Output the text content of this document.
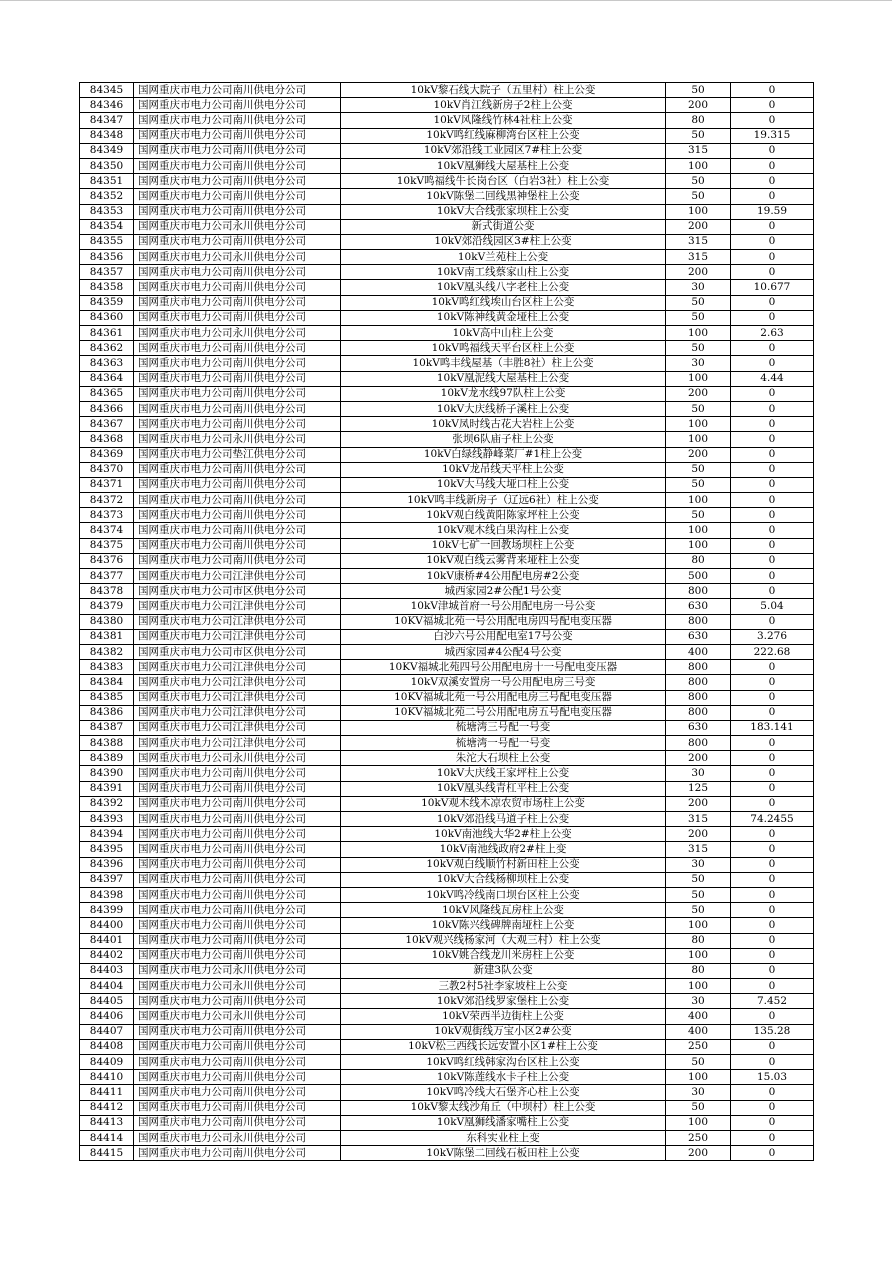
84345	国网重庆市电力公司南川供电分公司	10kV黎石线大院子（五里村）柱上公变	50	0
84346	国网重庆市电力公司南川供电分公司	10kV肖江线新房子2柱上公变	200	0
84347	国网重庆市电力公司南川供电分公司	10kV风隆线竹林4社柱上公变	80	0
84348	国网重庆市电力公司南川供电分公司	10kV鸣红线麻柳湾台区柱上公变	50	19.315
84349	国网重庆市电力公司南川供电分公司	10kV郊沿线工业园区7#柱上公变	315	0
84350	国网重庆市电力公司南川供电分公司	10kV凰狮线大屋基柱上公变	100	0
84351	国网重庆市电力公司南川供电分公司	10kV鸣福线牛长岗台区（白岩3社）柱上公变	50	0
84352	国网重庆市电力公司南川供电分公司	10kV陈堡二回线黑神堡柱上公变	50	0
84353	国网重庆市电力公司南川供电分公司	10kV大合线张家坝柱上公变	100	19.59
84354	国网重庆市电力公司永川供电分公司	新式街道公变	200	0
84355	国网重庆市电力公司南川供电分公司	10kV郊沿线园区3#柱上公变	315	0
84356	国网重庆市电力公司永川供电分公司	10kV兰苑柱上公变	315	0
84357	国网重庆市电力公司南川供电分公司	10kV南工线蔡家山柱上公变	200	0
84358	国网重庆市电力公司南川供电分公司	10kV凰头线八字老柱上公变	30	10.677
84359	国网重庆市电力公司南川供电分公司	10kV鸣红线埃山台区柱上公变	50	0
84360	国网重庆市电力公司南川供电分公司	10kV陈神线黄金垭柱上公变	50	0
84361	国网重庆市电力公司永川供电分公司	10kV高中山柱上公变	100	2.63
84362	国网重庆市电力公司南川供电分公司	10kV鸣福线天平台区柱上公变	50	0
84363	国网重庆市电力公司南川供电分公司	10kV鸣丰线屋基（丰胜8社）柱上公变	30	0
84364	国网重庆市电力公司南川供电分公司	10kV凰泥线大屋基柱上公变	100	4.44
84365	国网重庆市电力公司南川供电分公司	10kV龙水线97队柱上公变	200	0
84366	国网重庆市电力公司南川供电分公司	10kV大庆线桥子溪柱上公变	50	0
84367	国网重庆市电力公司南川供电分公司	10kV凤时线古花大岩柱上公变	100	0
84368	国网重庆市电力公司永川供电分公司	张坝6队庙子柱上公变	100	0
84369	国网重庆市电力公司垫江供电分公司	10kV白绿线静峰菜厂#1柱上公变	200	0
84370	国网重庆市电力公司南川供电分公司	10kV龙吊线天平柱上公变	50	0
84371	国网重庆市电力公司南川供电分公司	10kV大马线大垭口柱上公变	50	0
84372	国网重庆市电力公司南川供电分公司	10kV鸣丰线新房子（辽远6社）柱上公变	100	0
84373	国网重庆市电力公司南川供电分公司	10kV观白线黄阳陈家坪柱上公变	50	0
84374	国网重庆市电力公司南川供电分公司	10kV观木线白果沟柱上公变	100	0
84375	国网重庆市电力公司南川供电分公司	10kV七矿一回教场坝柱上公变	100	0
84376	国网重庆市电力公司南川供电分公司	10kV观白线云雾背来垭柱上公变	80	0
84377	国网重庆市电力公司江津供电分公司	10kV康桥#4公用配电房#2公变	500	0
84378	国网重庆市电力公司市区供电分公司	城西家园2#公配1号公变	800	0
84379	国网重庆市电力公司江津供电分公司	10kV津城首府一号公用配电房一号公变	630	5.04
84380	国网重庆市电力公司江津供电分公司	10KV福城北苑一号公用配电房四号配电变压器	800	0
84381	国网重庆市电力公司江津供电分公司	白沙六号公用配电室17号公变	630	3.276
84382	国网重庆市电力公司市区供电分公司	城西家园#4公配4号公变	400	222.68
84383	国网重庆市电力公司江津供电分公司	10KV福城北苑四号公用配电房十一号配电变压器	800	0
84384	国网重庆市电力公司江津供电分公司	10kV双溪安置房一号公用配电房三号变	800	0
84385	国网重庆市电力公司江津供电分公司	10KV福城北苑一号公用配电房三号配电变压器	800	0
84386	国网重庆市电力公司江津供电分公司	10KV福城北苑二号公用配电房五号配电变压器	800	0
84387	国网重庆市电力公司江津供电分公司	梳塘湾三号配一号变	630	183.141
84388	国网重庆市电力公司江津供电分公司	梳塘湾一号配一号变	800	0
84389	国网重庆市电力公司永川供电分公司	朱沱大石坝柱上公变	200	0
84390	国网重庆市电力公司南川供电分公司	10kV大庆线王家坪柱上公变	30	0
84391	国网重庆市电力公司南川供电分公司	10kV凰头线青杠平柱上公变	125	0
84392	国网重庆市电力公司南川供电分公司	10kV观木线木凉农贸市场柱上公变	200	0
84393	国网重庆市电力公司南川供电分公司	10kV郊沿线马道子柱上公变	315	74.2455
84394	国网重庆市电力公司南川供电分公司	10kV南池线大华2#柱上公变	200	0
84395	国网重庆市电力公司南川供电分公司	10kV南池线政府2#柱上变	315	0
84396	国网重庆市电力公司南川供电分公司	10kV观白线顺竹村新田柱上公变	30	0
84397	国网重庆市电力公司南川供电分公司	10kV大合线杨柳坝柱上公变	50	0
84398	国网重庆市电力公司南川供电分公司	10kV鸣冷线南口坝台区柱上公变	50	0
84399	国网重庆市电力公司南川供电分公司	10kV风隆线瓦房柱上公变	50	0
84400	国网重庆市电力公司南川供电分公司	10kV陈兴线碑牌南垭柱上公变	100	0
84401	国网重庆市电力公司南川供电分公司	10kV观兴线杨家河（大观三村）柱上公变	80	0
84402	国网重庆市电力公司南川供电分公司	10kV姚合线龙川米房柱上公变	100	0
84403	国网重庆市电力公司永川供电分公司	新建3队公变	80	0
84404	国网重庆市电力公司永川供电分公司	三教2村5社李家坡柱上公变	100	0
84405	国网重庆市电力公司南川供电分公司	10kV郊沿线罗家堡柱上公变	30	7.452
84406	国网重庆市电力公司永川供电分公司	10kV荣西半边街柱上公变	400	0
84407	国网重庆市电力公司南川供电分公司	10kV观街线万宝小区2#公变	400	135.28
84408	国网重庆市电力公司南川供电分公司	10kV松三西线长远安置小区1#柱上公变	250	0
84409	国网重庆市电力公司南川供电分公司	10kV鸣红线韩家沟台区柱上公变	50	0
84410	国网重庆市电力公司南川供电分公司	10kV陈莲线水卡子柱上公变	100	15.03
84411	国网重庆市电力公司南川供电分公司	10kV鸣冷线大石堡齐心柱上公变	30	0
84412	国网重庆市电力公司南川供电分公司	10kV黎太线沙角丘（中坝村）柱上公变	50	0
84413	国网重庆市电力公司南川供电分公司	10kV凰狮线潘家嘴柱上公变	100	0
84414	国网重庆市电力公司永川供电分公司	东科实业柱上变	250	0
84415	国网重庆市电力公司南川供电分公司	10kV陈堡二回线石板田柱上公变	200	0
